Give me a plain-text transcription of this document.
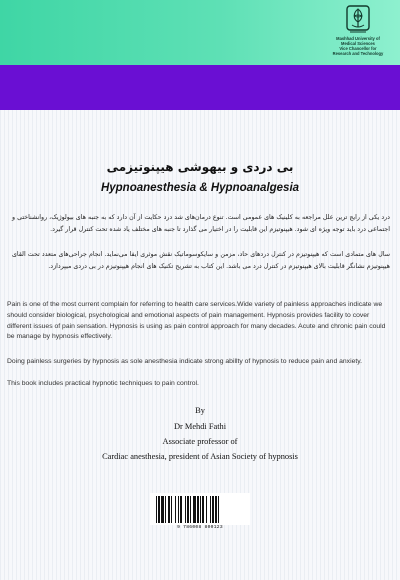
Mashhad University of
Medical Sciences
Vice Chancellor for
Research and Technology
بی دردی و بیهوشی هیپنوتیزمی
Hypnoanesthesia & Hypnoanalgesia

درد یکی از رایج ترین علل مراجعه به کلینیک های عمومی است. تنوع درمان‌های شد درد حکایت از آن دارد که به جنبه های بیولوژیک، روانشناختی و اجتماعی درد باید توجه ویژه ای شود. هیپنوتیزم این قابلیت را در اختیار می گذارد تا جنبه های مختلف یاد شده تحت کنترل قرار گیرد.

سال های متمادی است که هیپنوتیزم در کنترل دردهای حاد، مزمن و سایکوسوماتیک نقش موثری ایفا می‌نماید. انجام جراحی‌های متعدد تحت القای هیپنوتیزم نشانگر قابلیت بالای هیپنوتیزم در کنترل درد می باشد. این کتاب به تشریح تکنیک های انجام هیپنوتیزم در بی دردی میپردازد.

Pain is one of the most current complain for referring to health care services.Wide variety of painless approaches indicate we should consider biological, psychological and emotional aspects of pain management. Hypnosis provides facility to cover different issues of pain sensation. Hypnosis is using as pain control approach for many decades. Acute and chronic pain could be manage by hypnosis effectively.

Doing painless surgeries by hypnosis as sole anesthesia indicate strong abillty of hypnosis to reduce pain and anxiety.

This book includes practical hypnotic techniques to pain control.

By
Dr Mehdi Fathi
Associate professor of
Cardiac anesthesia, president of Asian Society of hypnosis
9 786008 800123
